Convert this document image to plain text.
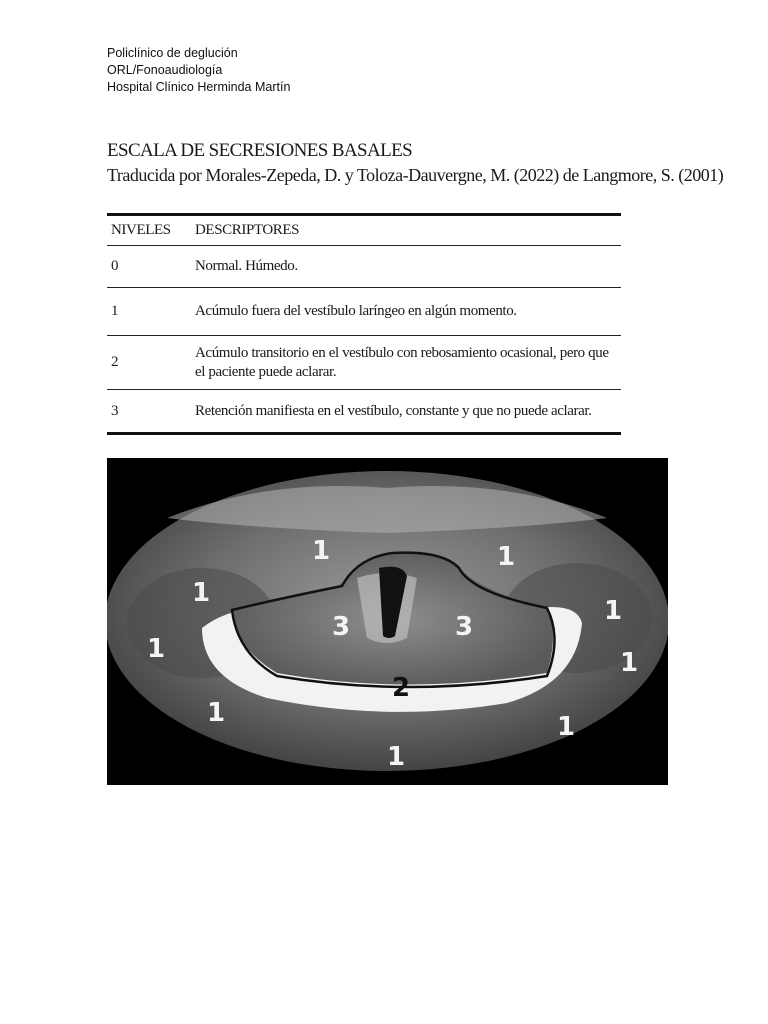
Policlínico de deglución
ORL/Fonoaudiología
Hospital Clínico Herminda Martín
ESCALA DE SECRESIONES BASALES
Traducida por Morales-Zepeda, D. y Toloza-Dauvergne, M. (2022) de Langmore, S. (2001)
NIVELES	DESCRIPTORES
0	Normal. Húmedo.
1	Acúmulo fuera del vestíbulo laríngeo en algún momento.
2	Acúmulo transitorio en el vestíbulo con rebosamiento ocasional, pero que el paciente puede aclarar.
3	Retención manifiesta en el vestíbulo, constante y que no puede aclarar.
1	1
1
1
1	1
1	1
1
3	3
2
